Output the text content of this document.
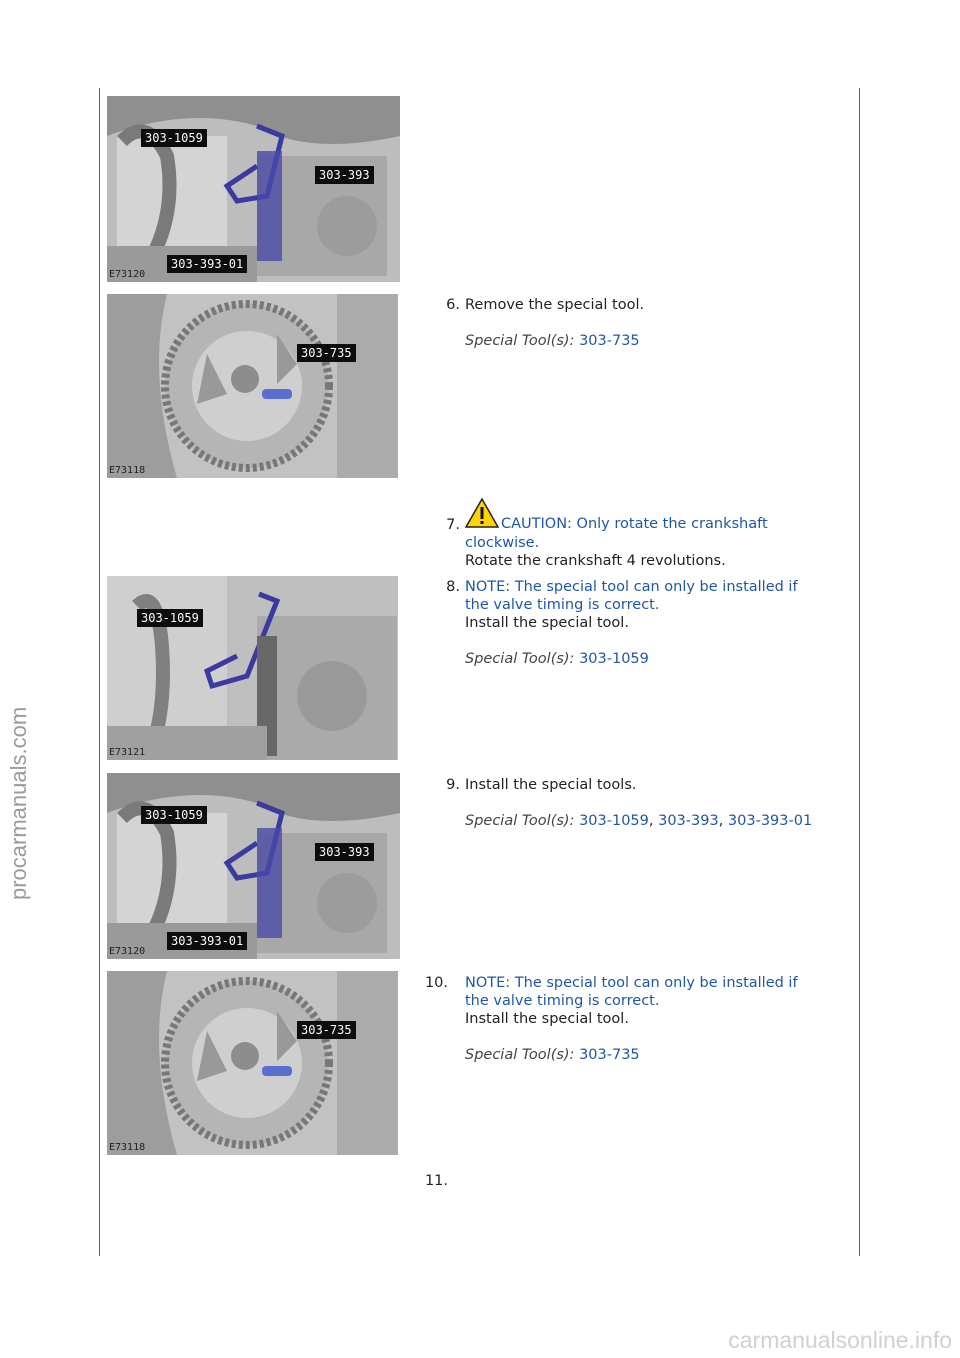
procarmanuals.com
303-1059
303-393
303-393-01
E73120
303-735
E73118
6. Remove the special tool.
Special Tool(s): 303-735
7.	CAUTION: Only rotate the crankshaft
clockwise.
Rotate the crankshaft 4 revolutions.
303-1059
E73121
8. NOTE: The special tool can only be installed if
the valve timing is correct.
Install the special tool.
Special Tool(s): 303-1059
303-1059
303-393
303-393-01
E73120
9. Install the special tools.
Special Tool(s): 303-1059, 303-393, 303-393-01
303-735
E73118
10. NOTE: The special tool can only be installed if
the valve timing is correct.
Install the special tool.
Special Tool(s): 303-735
11.
carmanualsonline.info
